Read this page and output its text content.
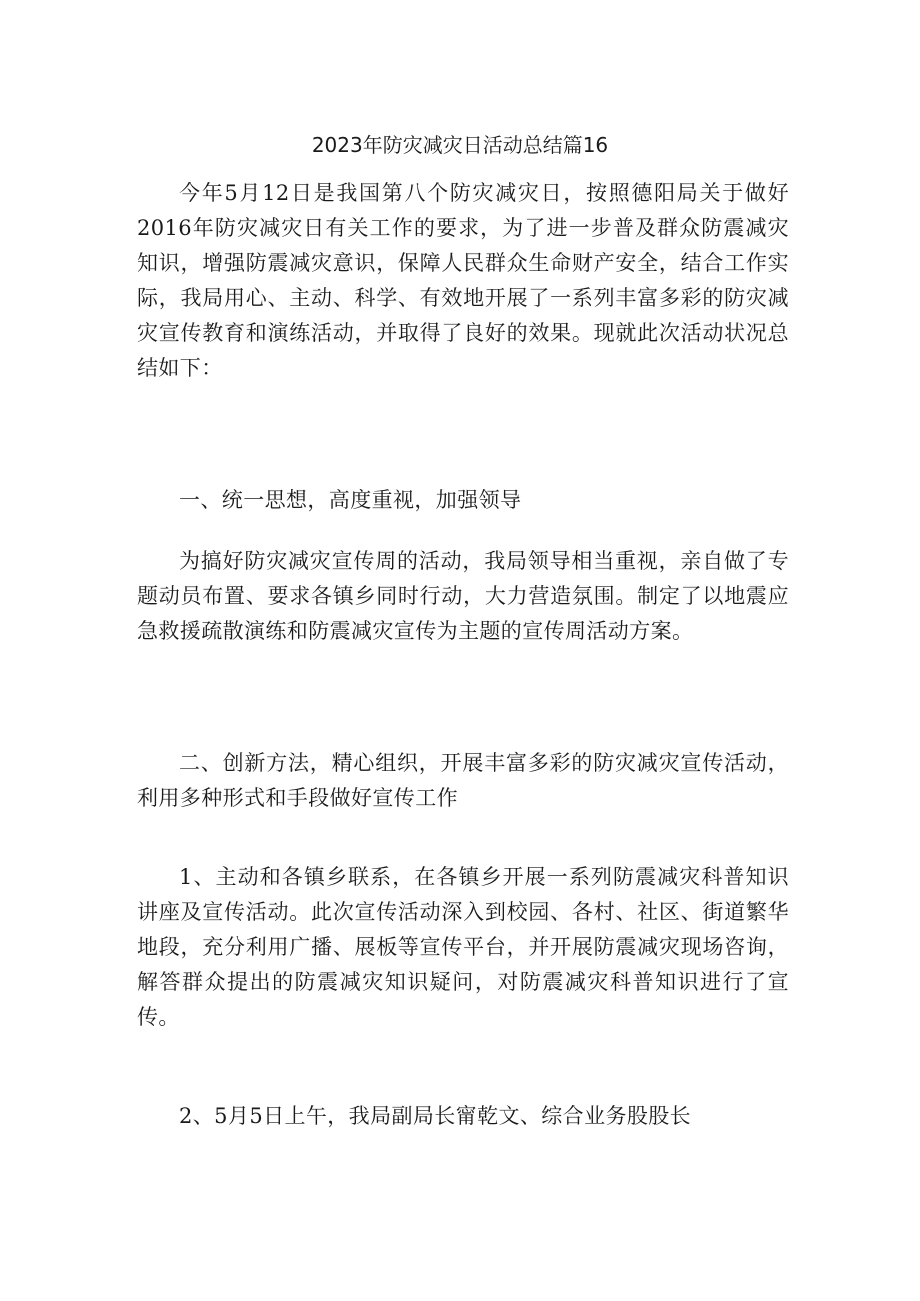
2023年防灾减灾日活动总结篇16

今年5月12日是我国第八个防灾减灾日，按照德阳局关于做好2016年防灾减灾日有关工作的要求，为了进一步普及群众防震减灾知识，增强防震减灾意识，保障人民群众生命财产安全，结合工作实际，我局用心、主动、科学、有效地开展了一系列丰富多彩的防灾减灾宣传教育和演练活动，并取得了良好的效果。现就此次活动状况总结如下：

一、统一思想，高度重视，加强领导

为搞好防灾减灾宣传周的活动，我局领导相当重视，亲自做了专题动员布置、要求各镇乡同时行动，大力营造氛围。制定了以地震应急救援疏散演练和防震减灾宣传为主题的宣传周活动方案。

二、创新方法，精心组织，开展丰富多彩的防灾减灾宣传活动，利用多种形式和手段做好宣传工作

1、主动和各镇乡联系，在各镇乡开展一系列防震减灾科普知识讲座及宣传活动。此次宣传活动深入到校园、各村、社区、街道繁华地段，充分利用广播、展板等宣传平台，并开展防震减灾现场咨询，解答群众提出的防震减灾知识疑问，对防震减灾科普知识进行了宣传。

2、5月5日上午，我局副局长甯乾文、综合业务股股长
